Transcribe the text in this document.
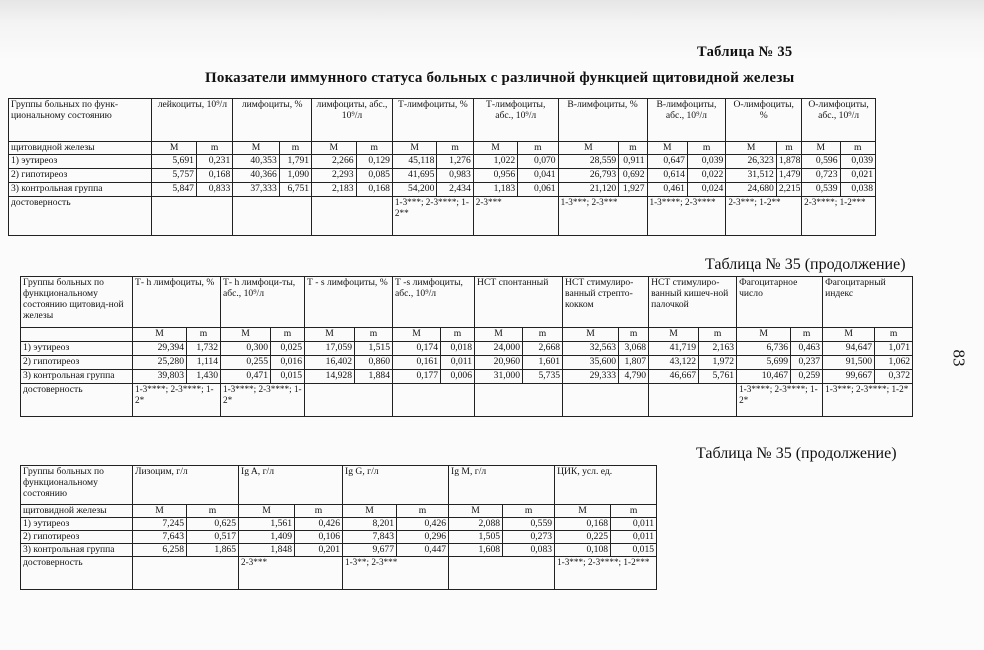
Таблица № 35
Показатели иммунного статуса больных с различной функцией щитовидной железы
Группы больных по функ-циональному состоянию	лейкоциты, 10⁹/л		лимфоциты, %		лимфоциты, абс., 10⁹/л		Т-лимфоциты, %		Т-лимфоциты, абс., 10⁹/л		В-лимфоциты, %		В-лимфоциты, абс., 10⁹/л		О-лимфоциты, %		О-лимфоциты, абс., 10⁹/л	
щитовидной железы	М	m	М	m	М	m	М	m	М	m	М	m	М	m	М	m	М	m
1) эутиреоз	5,691	0,231	40,353	1,791	2,266	0,129	45,118	1,276	1,022	0,070	28,559	0,911	0,647	0,039	26,323	1,878	0,596	0,039
2) гипотиреоз	5,757	0,168	40,366	1,090	2,293	0,085	41,695	0,983	0,956	0,041	26,793	0,692	0,614	0,022	31,512	1,479	0,723	0,021
3) контрольная группа	5,847	0,833	37,333	6,751	2,183	0,168	54,200	2,434	1,183	0,061	21,120	1,927	0,461	0,024	24,680	2,215	0,539	0,038
достоверность							1-3***; 2-3****; 1-2**		2-3***		1-3***; 2-3***		1-3****; 2-3****		2-3***; 1-2**		2-3****; 1-2***	
Таблица № 35 (продолжение)
Группы больных по функциональному состоянию щитовид-ной железы	Т- h лимфоциты, %		Т- h лимфоци-ты, абс., 10⁹/л		Т - s лимфоциты, %		Т -s лимфоциты, абс., 10⁹/л		НСТ спонтанный		НСТ стимулиро-ванный стрепто-кокком		НСТ стимулиро-ванный кишеч-ной палочкой		Фагоцитарное число		Фагоцитарный индекс	
	М	m	М	m	М	m	М	m	М	m	М	m	М	m	М	m	М	m
1) эутиреоз	29,394	1,732	0,300	0,025	17,059	1,515	0,174	0,018	24,000	2,668	32,563	3,068	41,719	2,163	6,736	0,463	94,647	1,071
2) гипотиреоз	25,280	1,114	0,255	0,016	16,402	0,860	0,161	0,011	20,960	1,601	35,600	1,807	43,122	1,972	5,699	0,237	91,500	1,062
3) контрольная группа	39,803	1,430	0,471	0,015	14,928	1,884	0,177	0,006	31,000	5,735	29,333	4,790	46,667	5,761	10,467	0,259	99,667	0,372
достоверность	1-3****; 2-3****; 1-2*		1-3****; 2-3****; 1-2*												1-3****; 2-3****; 1-2*		1-3***; 2-3****; 1-2*	
83
Таблица № 35 (продолжение)
Группы больных по функциональному состоянию	Лизоцим, г/л		Ig A, г/л		Ig G, г/л		Ig M, г/л		ЦИК, усл. ед.	
щитовидной железы	М	m	М	m	М	m	М	m	М	m
1) эутиреоз	7,245	0,625	1,561	0,426	8,201	0,426	2,088	0,559	0,168	0,011
2) гипотиреоз	7,643	0,517	1,409	0,106	7,843	0,296	1,505	0,273	0,225	0,011
3) контрольная группа	6,258	1,865	1,848	0,201	9,677	0,447	1,608	0,083	0,108	0,015
достоверность			2-3***		1-3**; 2-3***				1-3***; 2-3****; 1-2***	
